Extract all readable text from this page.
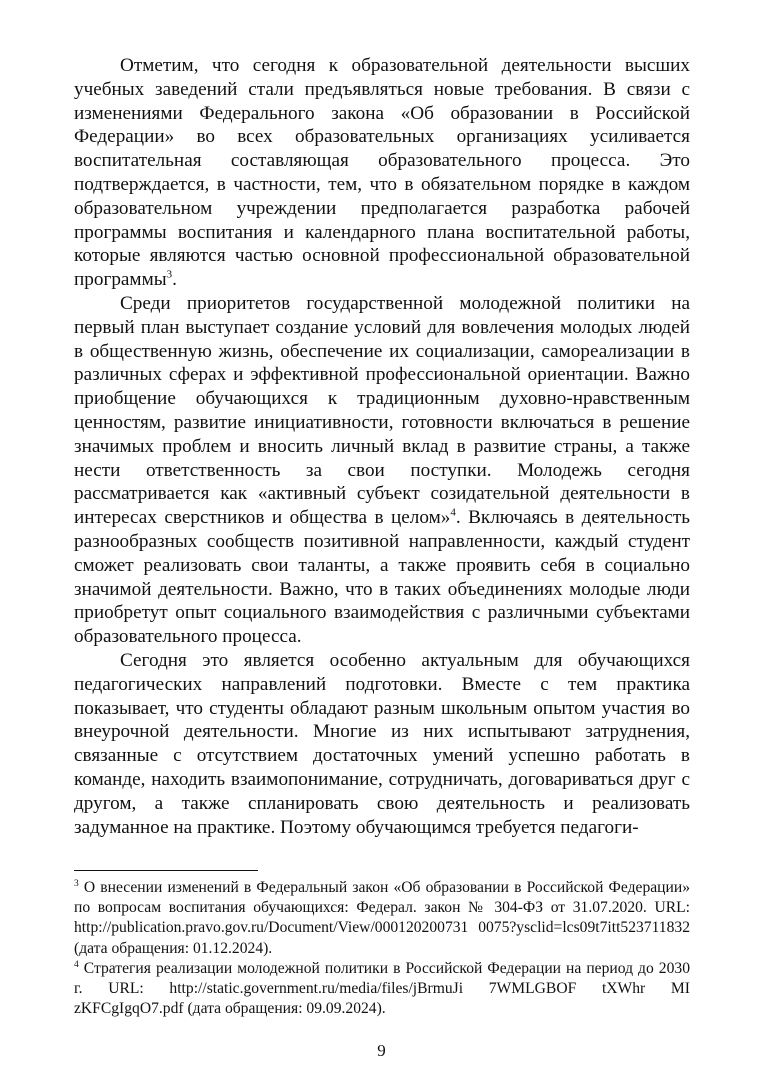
Отметим, что сегодня к образовательной деятельности высших учебных заведений стали предъявляться новые требования. В связи с изменениями Федерального закона «Об образовании в Российской Федерации» во всех образовательных организациях усиливается воспитательная составляющая образовательного процесса. Это подтверждается, в частности, тем, что в обязательном порядке в каждом образовательном учреждении предполагается разработка рабочей программы воспитания и календарного плана воспитательной работы, которые являются частью основной профессиональной образовательной программы$^3$.

Среди приоритетов государственной молодежной политики на первый план выступает создание условий для вовлечения молодых людей в общественную жизнь, обеспечение их социализации, самореализации в различных сферах и эффективной профессиональной ориентации. Важно приобщение обучающихся к традиционным духовно-нравственным ценностям, развитие инициативности, готовности включаться в решение значимых проблем и вносить личный вклад в развитие страны, а также нести ответственность за свои поступки. Молодежь сегодня рассматривается как «активный субъект созидательной деятельности в интересах сверстников и общества в целом»$^4$. Включаясь в деятельность разнообразных сообществ позитивной направленности, каждый студент сможет реализовать свои таланты, а также проявить себя в социально значимой деятельности. Важно, что в таких объединениях молодые люди приобретут опыт социального взаимодействия с различными субъектами образовательного процесса.

Сегодня это является особенно актуальным для обучающихся педагогических направлений подготовки. Вместе с тем практика показывает, что студенты обладают разным школьным опытом участия во внеурочной деятельности. Многие из них испытывают затруднения, связанные с отсутствием достаточных умений успешно работать в команде, находить взаимопонимание, сотрудничать, договариваться друг с другом, а также спланировать свою деятельность и реализовать задуманное на практике. Поэтому обучающимся требуется педагоги-

$^3$ О внесении изменений в Федеральный закон «Об образовании в Российской Федерации» по вопросам воспитания обучающихся: Федерал. закон № 304-ФЗ от 31.07.2020. URL: http://publication.pravo.gov.ru/Document/View/000120200731 0075?ysclid=lcs09t7itt523711832 (дата обращения: 01.12.2024).

$^4$ Стратегия реализации молодежной политики в Российской Федерации на период до 2030 г. URL: http://static.government.ru/media/files/jBrmuJi 7WMLGBOF tXWhr MI zKFCgIgqO7.pdf (дата обращения: 09.09.2024).

9
